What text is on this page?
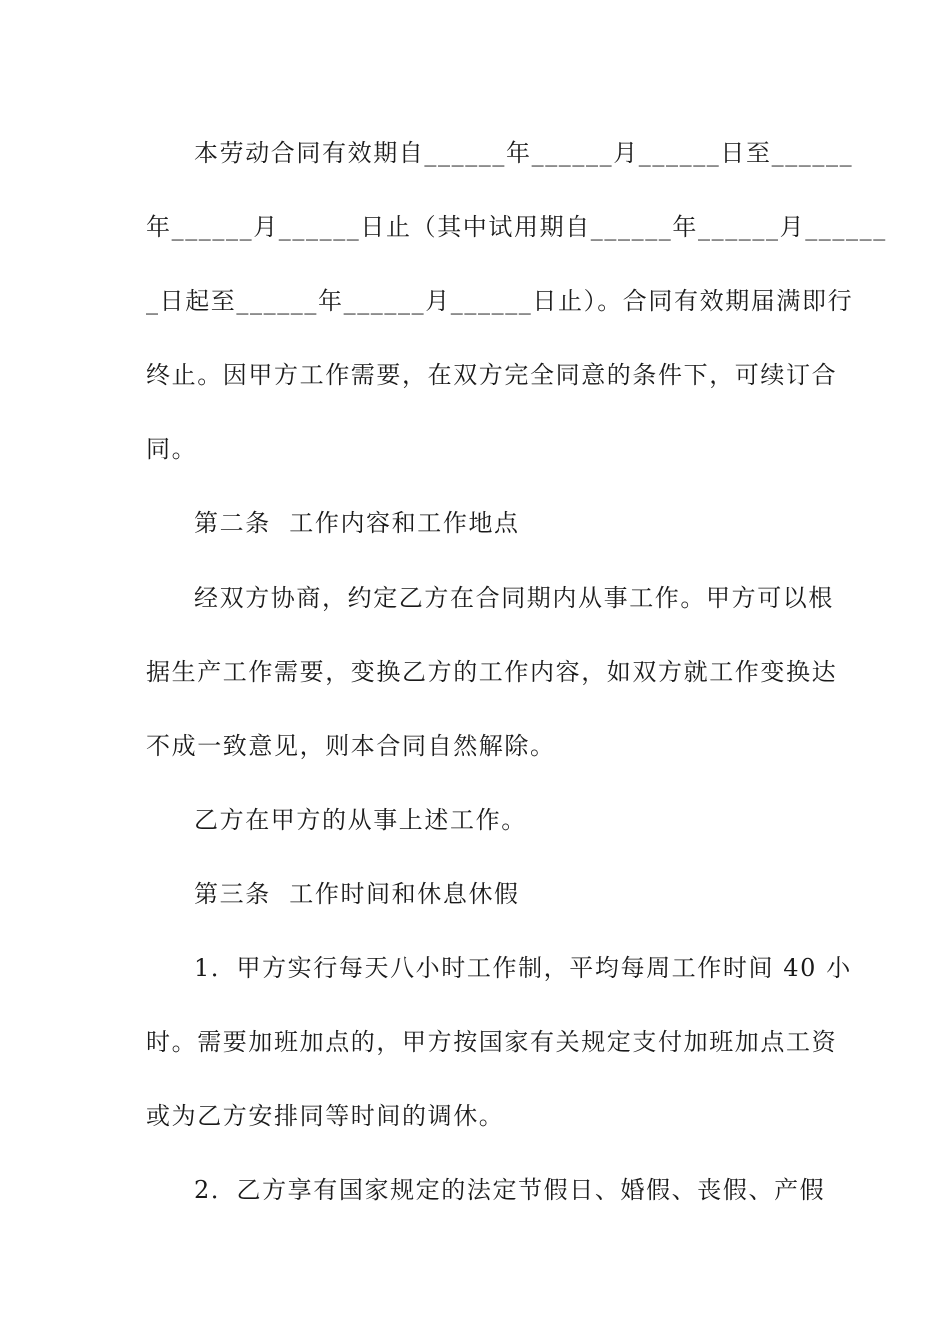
本劳动合同有效期自______年______月______日至______
年______月______日止（其中试用期自______年______月______
_日起至______年______月______日止）。合同有效期届满即行
终止。因甲方工作需要，在双方完全同意的条件下，可续订合
同。
第二条  工作内容和工作地点
经双方协商，约定乙方在合同期内从事工作。甲方可以根
据生产工作需要，变换乙方的工作内容，如双方就工作变换达
不成一致意见，则本合同自然解除。
乙方在甲方的从事上述工作。
第三条  工作时间和休息休假
1．甲方实行每天八小时工作制，平均每周工作时间 40 小
时。需要加班加点的，甲方按国家有关规定支付加班加点工资
或为乙方安排同等时间的调休。
2．乙方享有国家规定的法定节假日、婚假、丧假、产假
